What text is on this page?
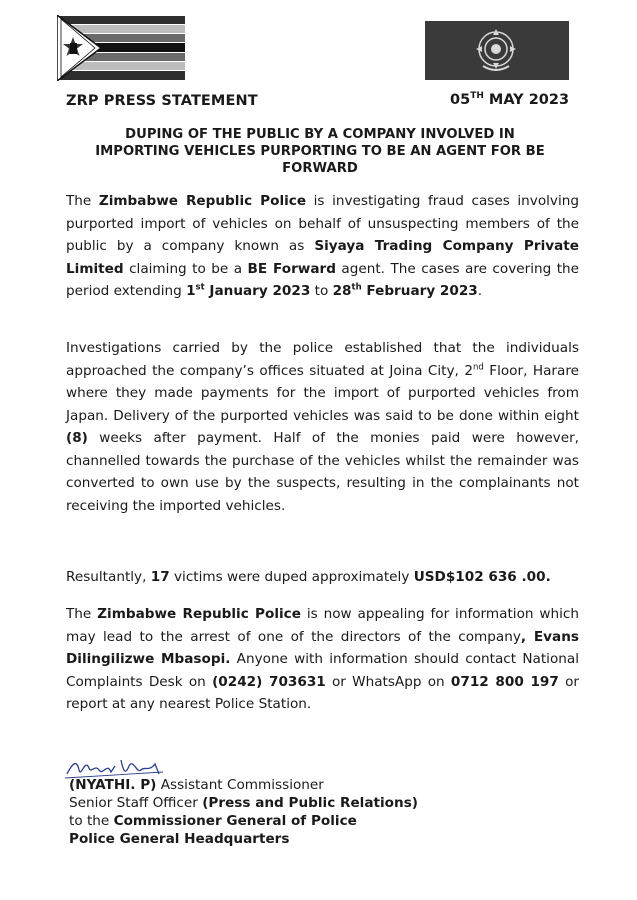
ZRP PRESS STATEMENT	05TH MAY 2023
DUPING OF THE PUBLIC BY A COMPANY INVOLVED IN
IMPORTING VEHICLES PURPORTING TO BE AN AGENT FOR BE
FORWARD
The Zimbabwe Republic Police is investigating fraud cases involving purported import of vehicles on behalf of unsuspecting members of the public by a company known as Siyaya Trading Company Private Limited claiming to be a BE Forward agent. The cases are covering the period extending 1st January 2023 to 28th February 2023.
Investigations carried by the police established that the individuals approached the company’s offices situated at Joina City, 2nd Floor, Harare where they made payments for the import of purported vehicles from Japan. Delivery of the purported vehicles was said to be done within eight (8) weeks after payment. Half of the monies paid were however, channelled towards the purchase of the vehicles whilst the remainder was converted to own use by the suspects, resulting in the complainants not receiving the imported vehicles.
Resultantly, 17 victims were duped approximately USD$102 636 .00.
The Zimbabwe Republic Police is now appealing for information which may lead to the arrest of one of the directors of the company, Evans Dilingilizwe Mbasopi. Anyone with information should contact National Complaints Desk on (0242) 703631 or WhatsApp on 0712 800 197 or report at any nearest Police Station.
(NYATHI. P) Assistant Commissioner
Senior Staff Officer (Press and Public Relations)
to the Commissioner General of Police
Police General Headquarters
